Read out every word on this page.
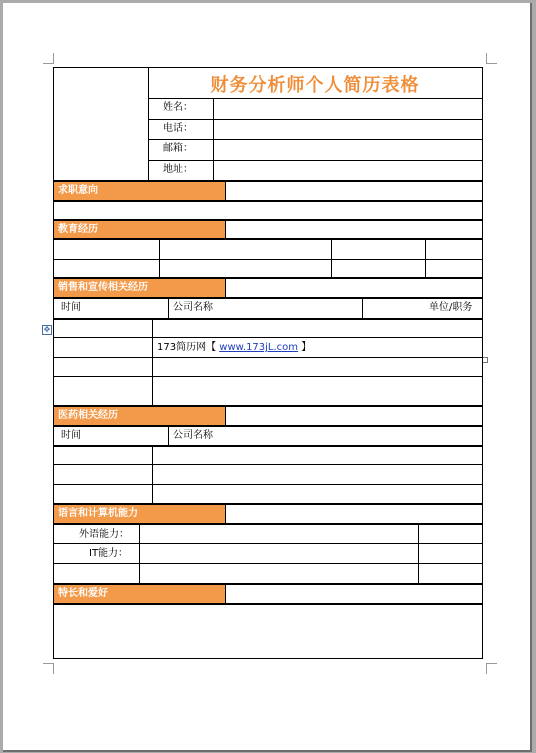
✥
财务分析师个人简历表格
姓名：
电话：
邮箱：
地址：
求职意向
教育经历
销售和宣传相关经历
时间	公司名称	单位/职务
173简历网【 www.173jL.com 】
医药相关经历
时间	公司名称
语言和计算机能力
外语能力：
IT能力：
特长和爱好
